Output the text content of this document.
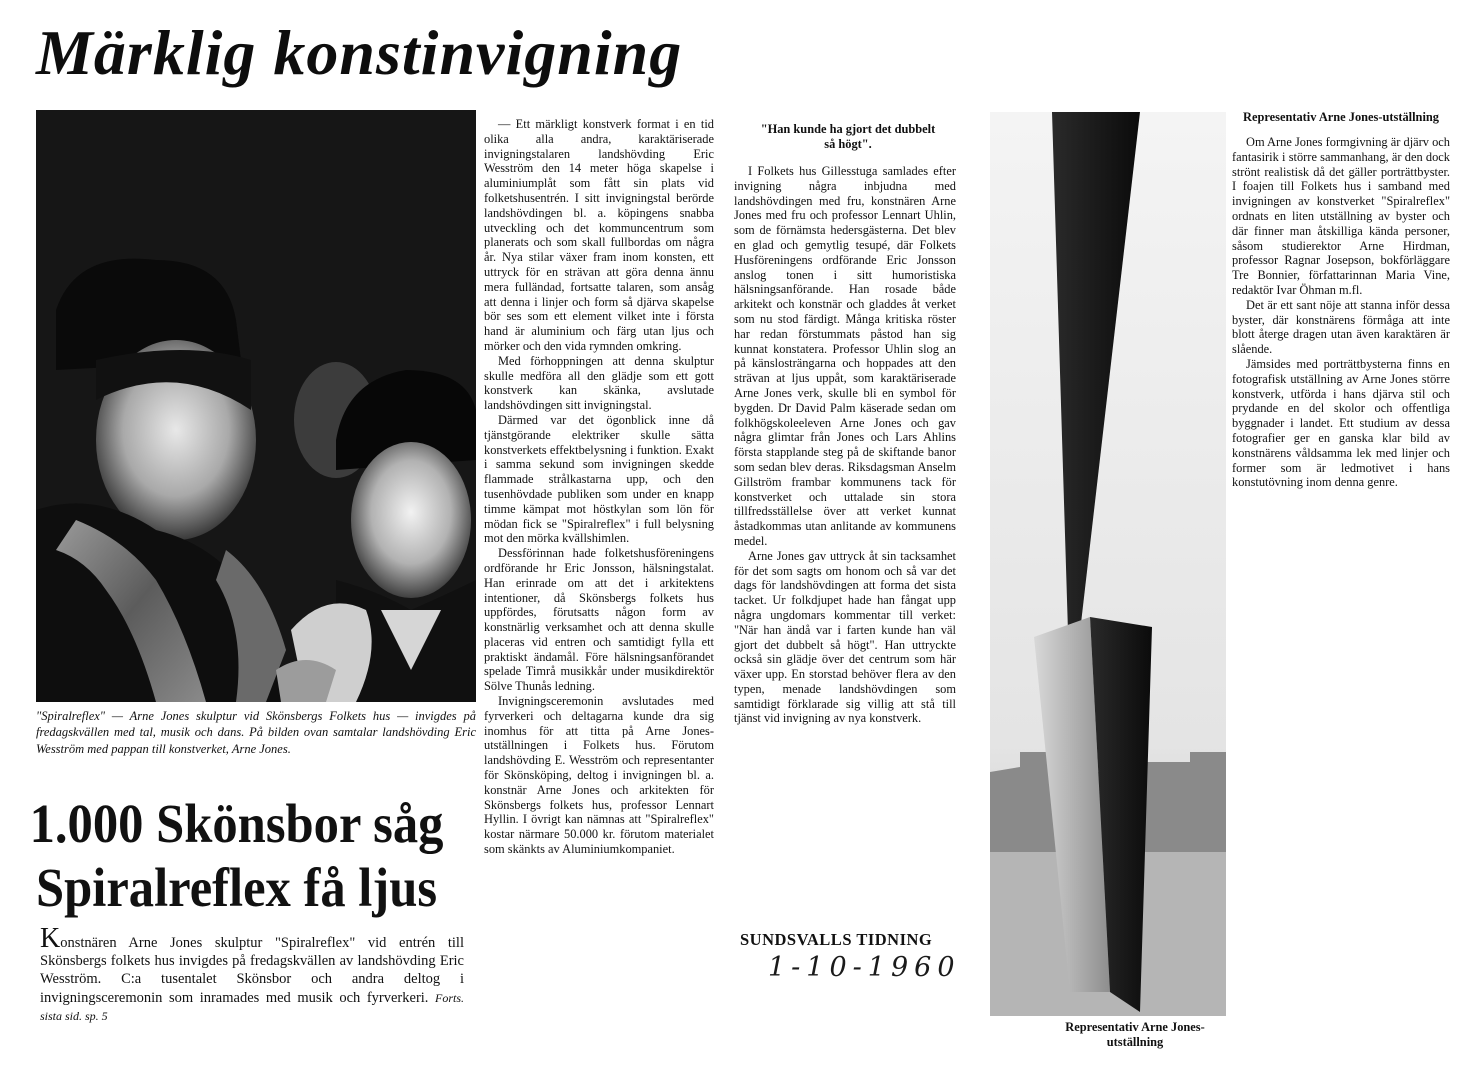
Märklig konstinvigning
"Spiralreflex" — Arne Jones skulptur vid Skönsbergs Folkets hus — invigdes på fredagskvällen med tal, musik och dans. På bilden ovan samtalar landshövding Eric Wesström med pappan till konstverket, Arne Jones.
1.000 Skönsbor såg
Spiralreflex få ljus
Konstnären Arne Jones skulptur "Spiralreflex" vid entrén till Skönsbergs folkets hus invigdes på fredagskvällen av landshövding Eric Wesström. C:a tusentalet Skönsbor och andra deltog i invigningsceremonin som inramades med musik och fyrverkeri. Forts. sista sid. sp. 5

— Ett märkligt konstverk format i en tid olika alla andra, karaktäriserade invigningstalaren landshövding Eric Wesström den 14 meter höga skapelse i aluminiumplåt som fått sin plats vid folketshusentrén. I sitt invigningstal berörde landshövdingen bl. a. köpingens snabba utveckling och det kommuncentrum som planerats och som skall fullbordas om några år. Nya stilar växer fram inom konsten, ett uttryck för en strävan att göra denna ännu mera fulländad, fortsatte talaren, som ansåg att denna i linjer och form så djärva skapelse bör ses som ett element vilket inte i första hand är aluminium och färg utan ljus och mörker och den vida rymnden omkring.

Med förhoppningen att denna skulptur skulle medföra all den glädje som ett gott konstverk kan skänka, avslutade landshövdingen sitt invigningstal.

Därmed var det ögonblick inne då tjänstgörande elektriker skulle sätta konstverkets effektbelysning i funktion. Exakt i samma sekund som invigningen skedde flammade strålkastarna upp, och den tusenhövdade publiken som under en knapp timme kämpat mot höstkylan som lön för mödan fick se "Spiralreflex" i full belysning mot den mörka kvällshimlen.

Dessförinnan hade folketshusföreningens ordförande hr Eric Jonsson, hälsningstalat. Han erinrade om att det i arkitektens intentioner, då Skönsbergs folkets hus uppfördes, förutsatts någon form av konstnärlig verksamhet och att denna skulle placeras vid entren och samtidigt fylla ett praktiskt ändamål. Före hälsningsanförandet spelade Timrå musikkår under musikdirektör Sölve Thunås ledning.

Invigningsceremonin avslutades med fyrverkeri och deltagarna kunde dra sig inomhus för att titta på Arne Jones-utställningen i Folkets hus. Förutom landshövding E. Wesström och representanter för Skönsköping, deltog i invigningen bl. a. konstnär Arne Jones och arkitekten för Skönsbergs folkets hus, professor Lennart Hyllin. I övrigt kan nämnas att "Spiralreflex" kostar närmare 50.000 kr. förutom materialet som skänkts av Aluminiumkompaniet.

"Han kunde ha gjort det dubbelt så högt".

I Folkets hus Gillesstuga samlades efter invigning några inbjudna med landshövdingen med fru, konstnären Arne Jones med fru och professor Lennart Uhlin, som de förnämsta hedersgästerna. Det blev en glad och gemytlig tesupé, där Folkets Husföreningens ordförande Eric Jonsson anslog tonen i sitt humoristiska hälsningsanförande. Han rosade både arkitekt och konstnär och gladdes åt verket som nu stod färdigt. Många kritiska röster har redan förstummats påstod han sig kunnat konstatera. Professor Uhlin slog an på känslosträngarna och hoppades att den strävan at ljus uppåt, som karaktäriserade Arne Jones verk, skulle bli en symbol för bygden. Dr David Palm käserade sedan om folkhögskoleeleven Arne Jones och gav några glimtar från Jones och Lars Ahlins första stapplande steg på de skiftande banor som sedan blev deras. Riksdagsman Anselm Gillström frambar kommunens tack för konstverket och uttalade sin stora tillfredsställelse över att verket kunnat åstadkommas utan anlitande av kommunens medel.

Arne Jones gav uttryck åt sin tacksamhet för det som sagts om honom och så var det dags för landshövdingen att forma det sista tacket. Ur folkdjupet hade han fångat upp några ungdomars kommentar till verket: "När han ändå var i farten kunde han väl gjort det dubbelt så högt". Han uttryckte också sin glädje över det centrum som här växer upp. En storstad behöver flera av den typen, menade landshövdingen som samtidigt förklarade sig villig att stå till tjänst vid invigning av nya konstverk.

SUNDSVALLS TIDNING
1-10-1960
Representativ Arne Jones-utställning
Representativ Arne Jones-utställning

Om Arne Jones formgivning är djärv och fantasirik i större sammanhang, är den dock strönt realistisk då det gäller porträttbyster. I foajen till Folkets hus i samband med invigningen av konstverket "Spiralreflex" ordnats en liten utställning av byster och där finner man åtskilliga kända personer, såsom studierektor Arne Hirdman, professor Ragnar Josepson, bokförläggare Tre Bonnier, författarinnan Maria Vine, redaktör Ivar Öhman m.fl.

Det är ett sant nöje att stanna inför dessa byster, där konstnärens förmåga att inte blott återge dragen utan även karaktären är slående.

Jämsides med porträttbysterna finns en fotografisk utställning av Arne Jones större konstverk, utförda i hans djärva stil och prydande en del skolor och offentliga byggnader i landet. Ett studium av dessa fotografier ger en ganska klar bild av konstnärens våldsamma lek med linjer och former som är ledmotivet i hans konstutövning inom denna genre.
